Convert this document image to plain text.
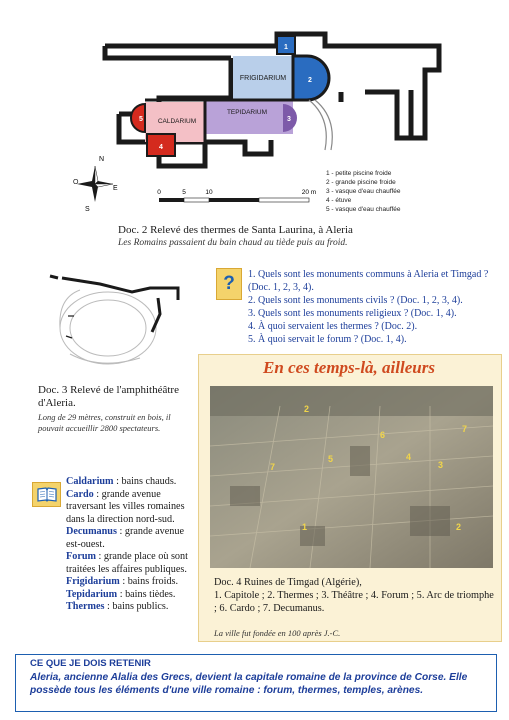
FRIGIDARIUM
TEPIDARIUM
CALDARIUM
1
2
3
4
5
N
E
S
0	5	10	20 m
O
1 - petite piscine froide
2 - grande piscine froide
3 - vasque d'eau chauffée
4 - étuve
5 - vasque d'eau chauffée
Doc. 2 Relevé des thermes de Santa Laurina, à Aleria
Les Romains passaient du bain chaud au tiède puis au froid.
Doc. 3 Relevé de l'amphithéâtre d'Aleria.
Long de 29 mètres, construit en bois, il pouvait accueillir 2800 spectateurs.
? 1. Quels sont les monuments communs à Aleria et Timgad ? (Doc. 1, 2, 3, 4).
2. Quels sont les monuments civils ? (Doc. 1, 2, 3, 4).
3. Quels sont les monuments religieux ? (Doc. 1, 4).
4. À quoi servaient les thermes ? (Doc. 2).
5. À quoi servait le forum ? (Doc. 1, 4).
Caldarium : bains chauds.
Cardo : grande avenue traversant les villes romaines dans la direction nord-sud.
Decumanus : grande avenue est-ouest.
Forum : grande place où sont traitées les affaires publiques.
Frigidarium : bains froids.
Tepidarium : bains tièdes.
Thermes : bains publics.
En ces temps-là, ailleurs
2
6
5	4
3
7
7
1	2
Doc. 4 Ruines de Timgad (Algérie),
1. Capitole ; 2. Thermes ; 3. Théâtre ; 4. Forum ; 5. Arc de triomphe ; 6. Cardo ; 7. Decumanus.
La ville fut fondée en 100 après J.-C.
CE QUE JE DOIS RETENIR
Aleria, ancienne Alalia des Grecs, devient la capitale romaine de la province de Corse. Elle possède tous les éléments d'une ville romaine : forum, thermes, temples, arènes.
